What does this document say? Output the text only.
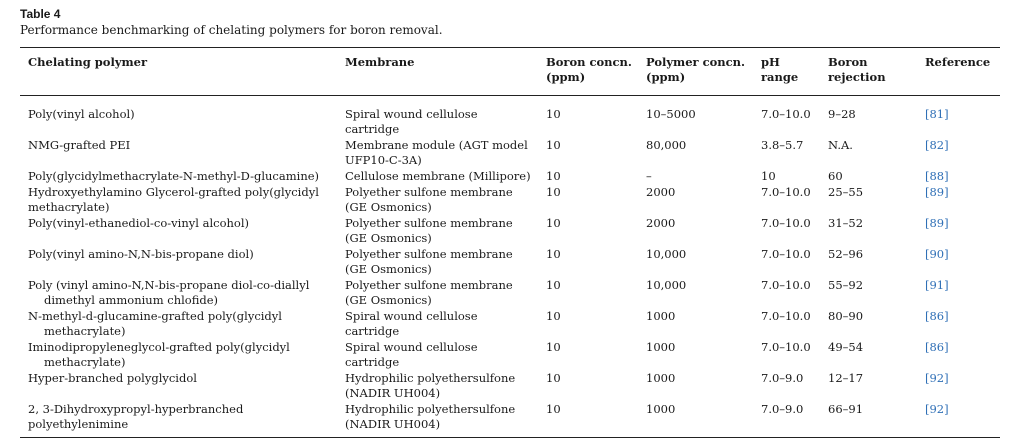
Table 4

Performance benchmarking of chelating polymers for boron removal.

Chelating polymer	Membrane	Boron concn. (ppm)	Polymer concn. (ppm)	pH range	Boron rejection	Reference
Poly(vinyl alcohol)	Spiral wound cellulose cartridge	10	10–5000	7.0–10.0	9–28	[81]
NMG-grafted PEI	Membrane module (AGT model UFP10-C-3A)	10	80,000	3.8–5.7	N.A.	[82]
Poly(glycidylmethacrylate-N-methyl-D-glucamine)	Cellulose membrane (Millipore)	10	–	10	60	[88]
Hydroxyethylamino Glycerol-grafted poly(glycidyl methacrylate)	Polyether sulfone membrane (GE Osmonics)	10	2000	7.0–10.0	25–55	[89]
Poly(vinyl-ethanediol-co-vinyl alcohol)	Polyether sulfone membrane (GE Osmonics)	10	2000	7.0–10.0	31–52	[89]
Poly(vinyl amino-N,N-bis-propane diol)	Polyether sulfone membrane (GE Osmonics)	10	10,000	7.0–10.0	52–96	[90]
Poly (vinyl amino-N,N-bis-propane diol-co-diallyl dimethyl ammonium chlofide)	Polyether sulfone membrane (GE Osmonics)	10	10,000	7.0–10.0	55–92	[91]
N-methyl-d-glucamine-grafted poly(glycidyl methacrylate)	Spiral wound cellulose cartridge	10	1000	7.0–10.0	80–90	[86]
Iminodipropyleneglycol-grafted poly(glycidyl methacrylate)	Spiral wound cellulose cartridge	10	1000	7.0–10.0	49–54	[86]
Hyper-branched polyglycidol	Hydrophilic polyethersulfone (NADIR UH004)	10	1000	7.0–9.0	12–17	[92]
2, 3-Dihydroxypropyl-hyperbranched polyethylenimine	Hydrophilic polyethersulfone (NADIR UH004)	10	1000	7.0–9.0	66–91	[92]
